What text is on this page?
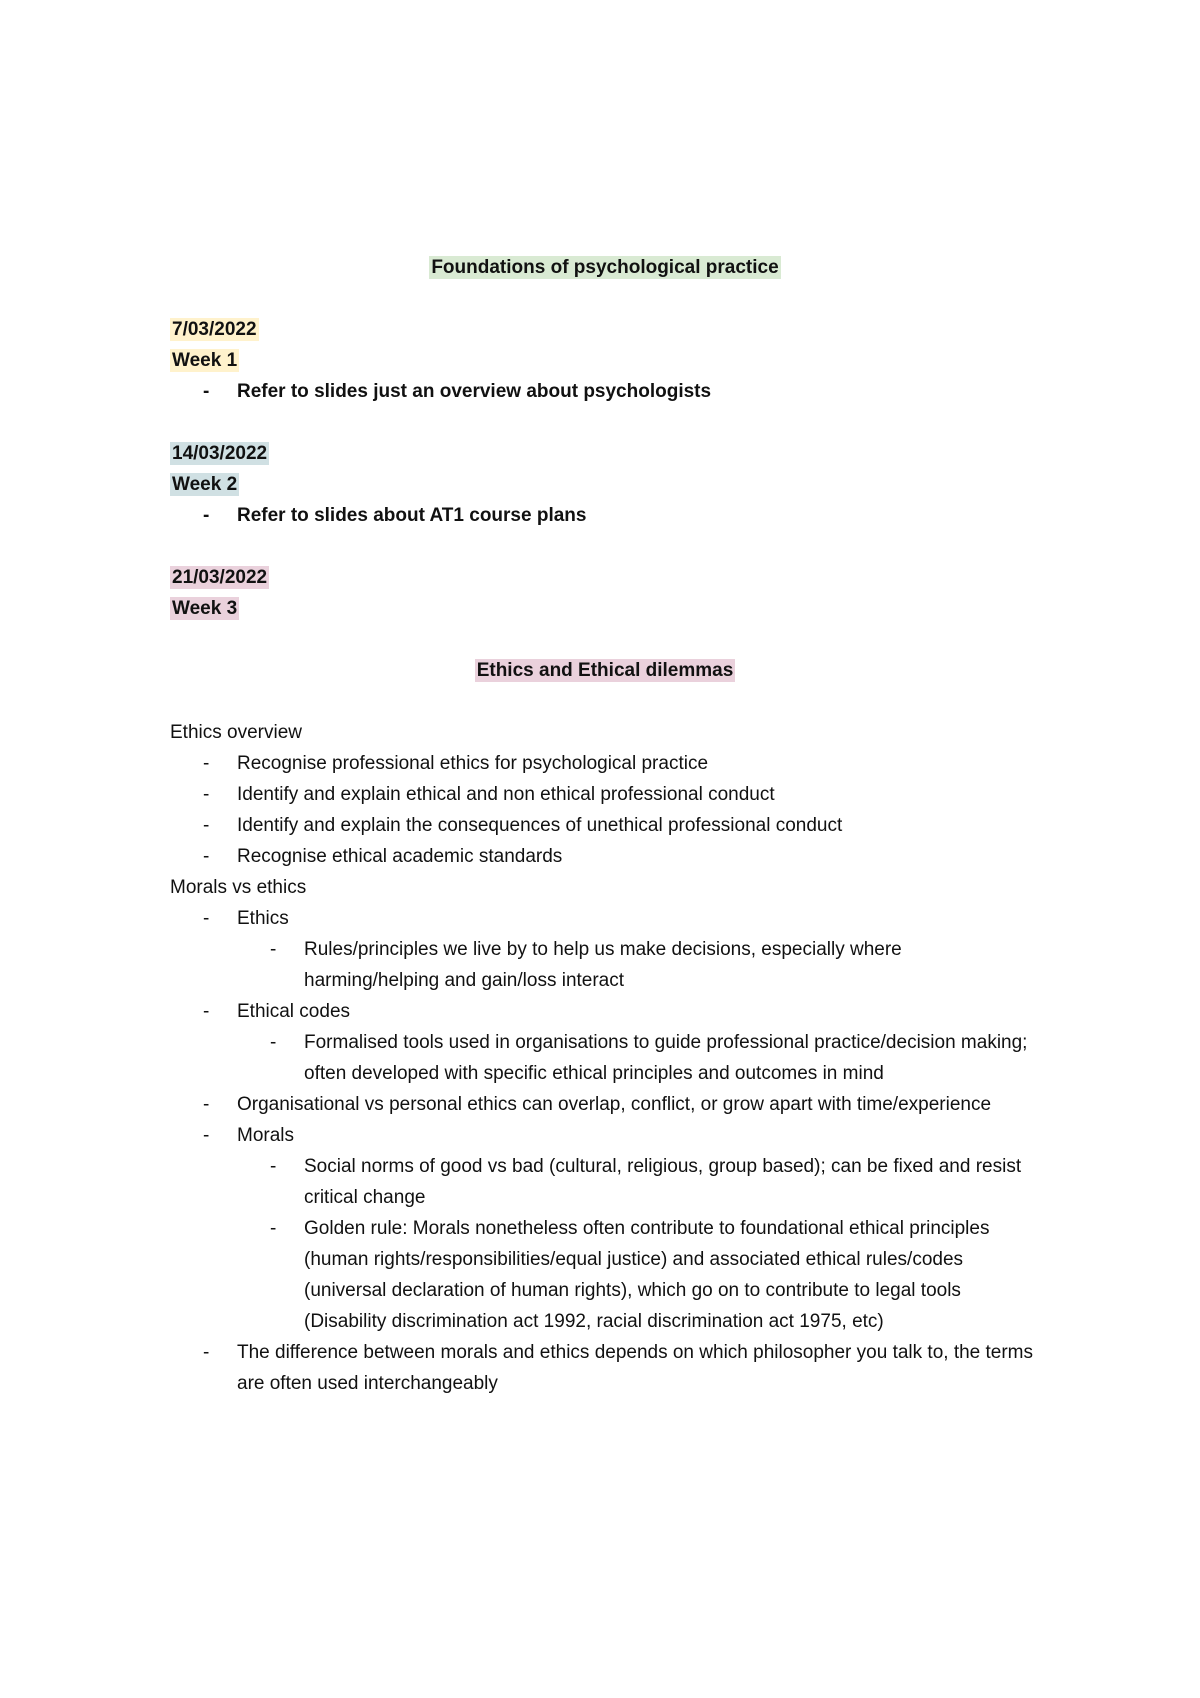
Foundations of psychological practice
7/03/2022
Week 1
- Refer to slides just an overview about psychologists
14/03/2022
Week 2
- Refer to slides about AT1 course plans
21/03/2022
Week 3
Ethics and Ethical dilemmas
Ethics overview
- Recognise professional ethics for psychological practice
- Identify and explain ethical and non ethical professional conduct
- Identify and explain the consequences of unethical professional conduct
- Recognise ethical academic standards
Morals vs ethics
- Ethics
- Rules/principles we live by to help us make decisions, especially where harming/helping and gain/loss interact
- Ethical codes
- Formalised tools used in organisations to guide professional practice/decision making; often developed with specific ethical principles and outcomes in mind
- Organisational vs personal ethics can overlap, conflict, or grow apart with time/experience
- Morals
- Social norms of good vs bad (cultural, religious, group based); can be fixed and resist critical change
- Golden rule: Morals nonetheless often contribute to foundational ethical principles (human rights/responsibilities/equal justice) and associated ethical rules/codes (universal declaration of human rights), which go on to contribute to legal tools (Disability discrimination act 1992, racial discrimination act 1975, etc)
- The difference between morals and ethics depends on which philosopher you talk to, the terms are often used interchangeably
